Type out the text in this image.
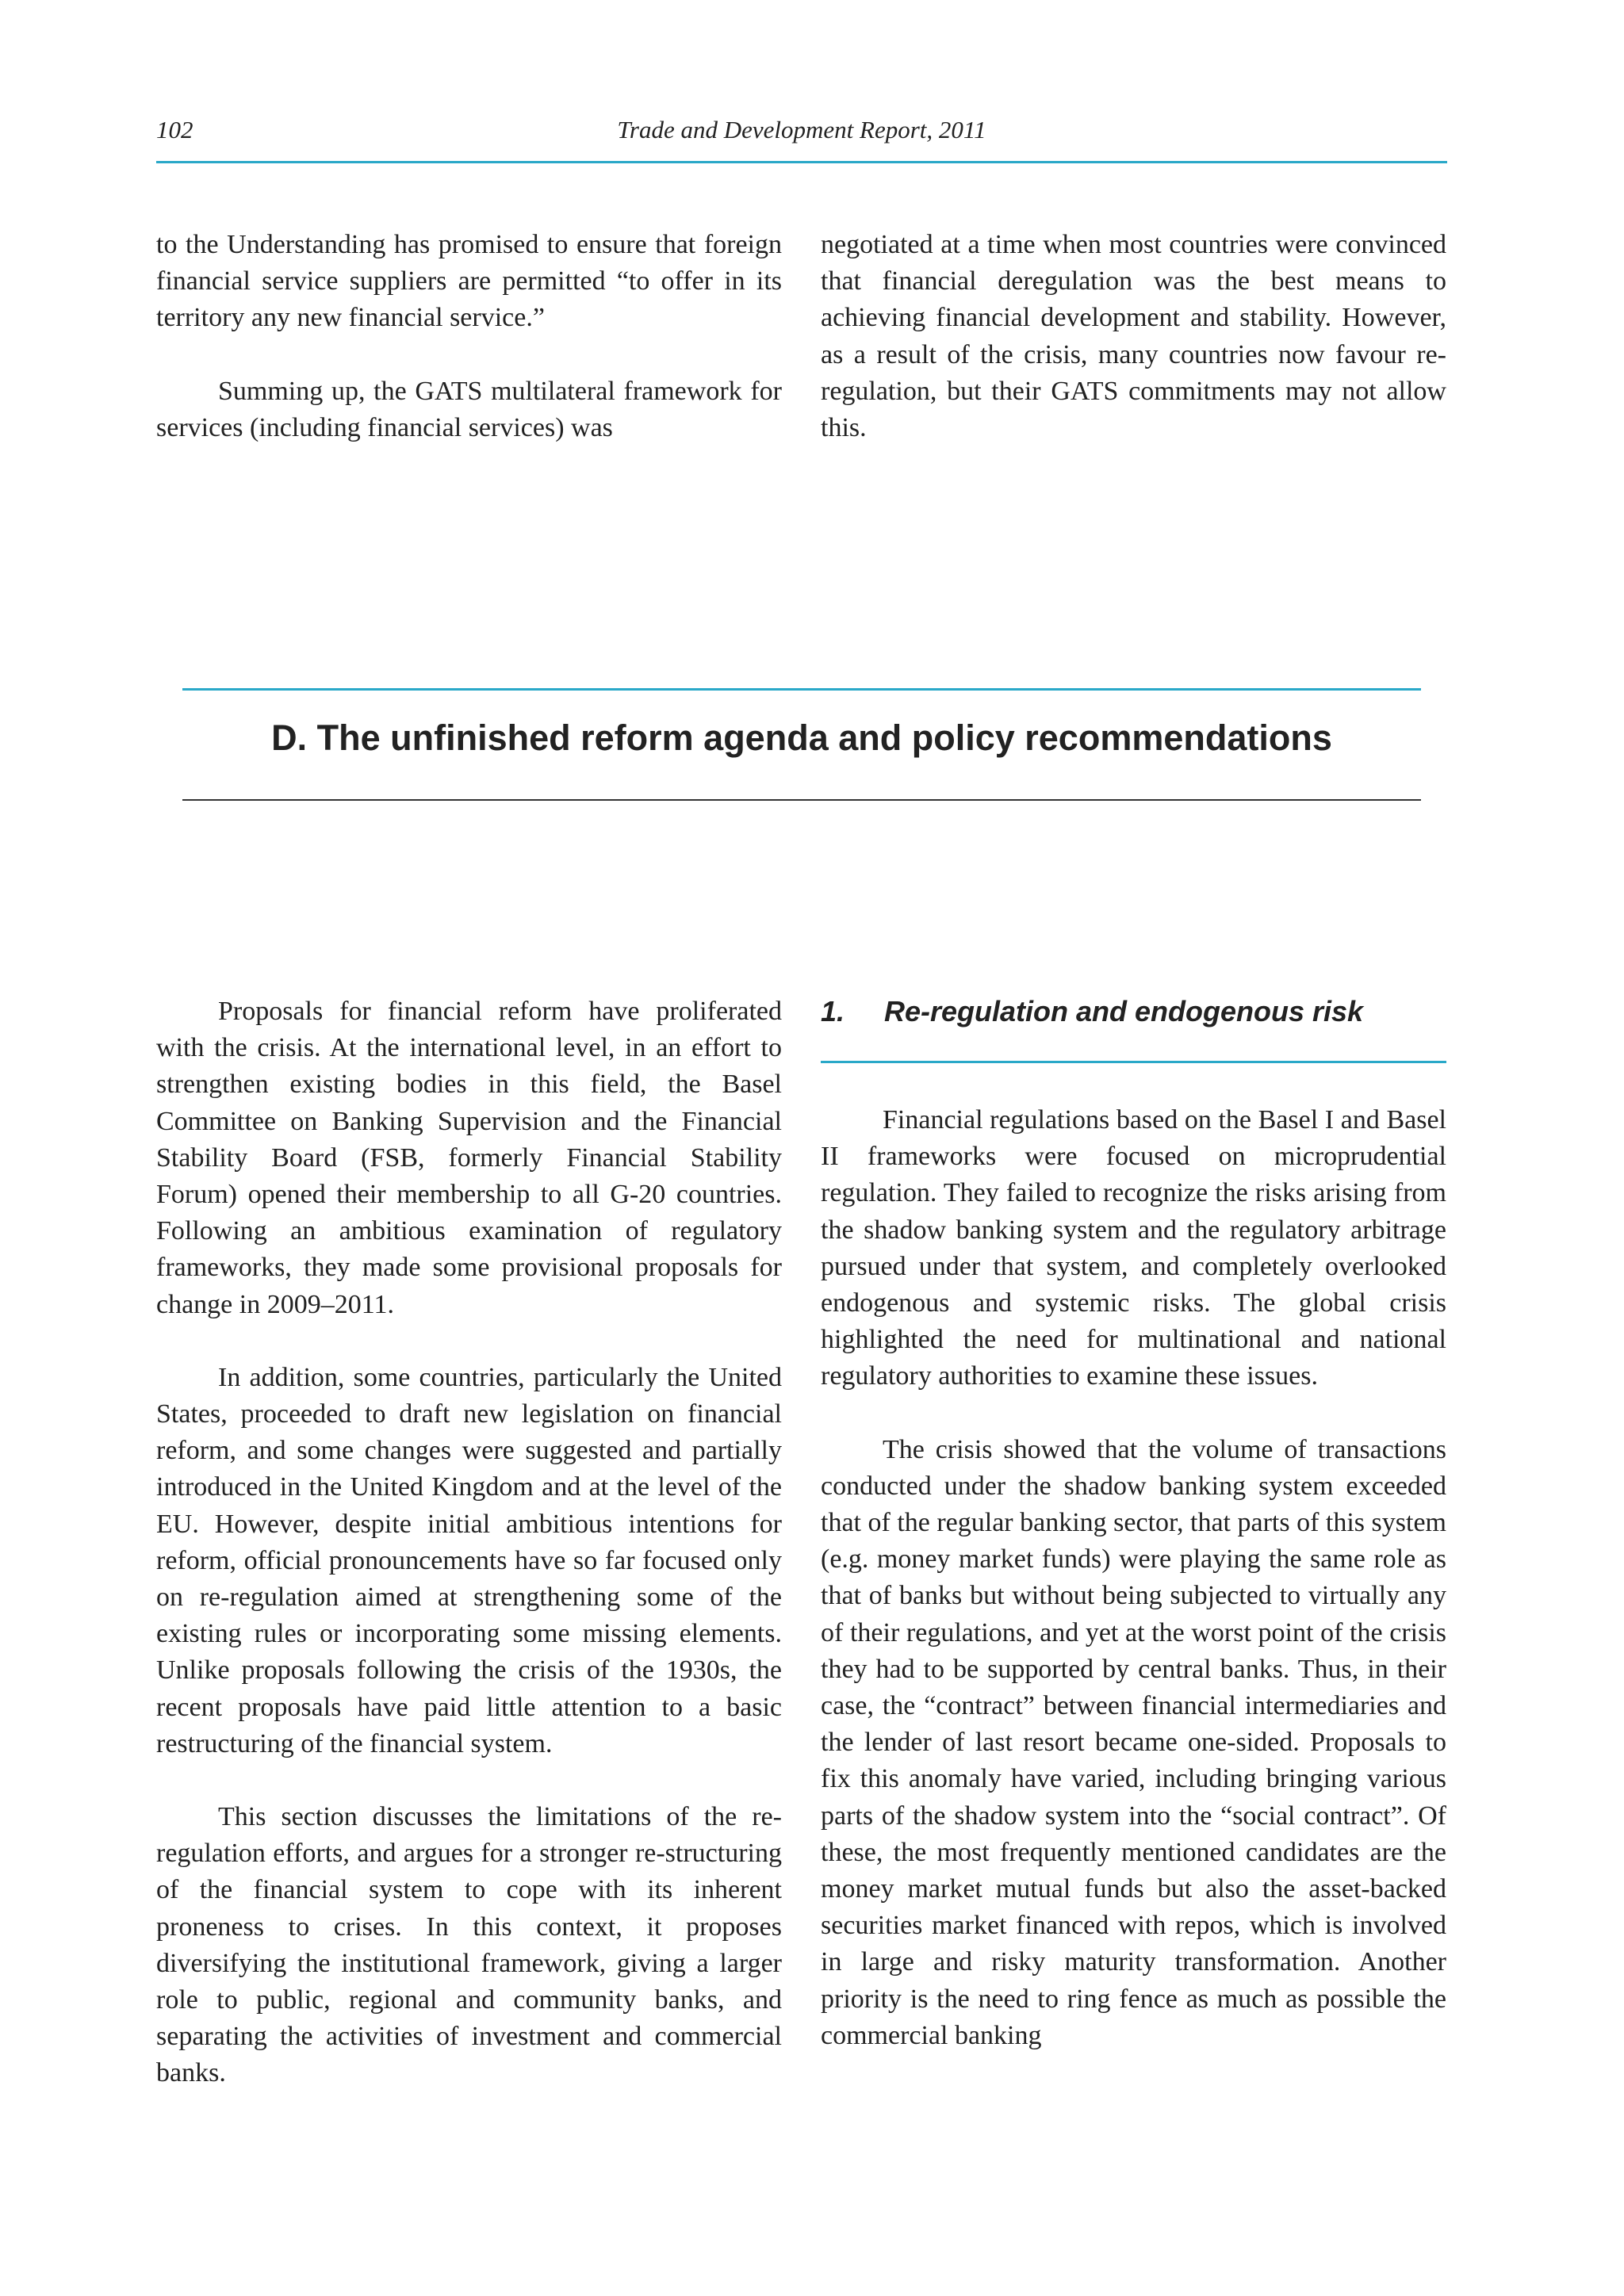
102	Trade and Development Report, 2011

to the Understanding has promised to ensure that foreign financial service suppliers are permitted “to offer in its territory any new financial service.”

Summing up, the GATS multilateral framework for services (including financial services) was

negotiated at a time when most countries were convinced that financial deregulation was the best means to achieving financial development and stability. However, as a result of the crisis, many countries now favour re-regulation, but their GATS commitments may not allow this.

D. The unfinished reform agenda and policy recommendations

Proposals for financial reform have proliferated with the crisis. At the international level, in an effort to strengthen existing bodies in this field, the Basel Committee on Banking Supervision and the Financial Stability Board (FSB, formerly Financial Stability Forum) opened their membership to all G-20 countries. Following an ambitious examination of regulatory frameworks, they made some provisional proposals for change in 2009–2011.

In addition, some countries, particularly the United States, proceeded to draft new legislation on financial reform, and some changes were suggested and partially introduced in the United Kingdom and at the level of the EU. However, despite initial ambitious intentions for reform, official pronouncements have so far focused only on re-regulation aimed at strengthening some of the existing rules or incorporating some missing elements. Unlike proposals following the crisis of the 1930s, the recent proposals have paid little attention to a basic restructuring of the financial system.

This section discusses the limitations of the re-regulation efforts, and argues for a stronger re-structuring of the financial system to cope with its inherent proneness to crises. In this context, it proposes diversifying the institutional framework, giving a larger role to public, regional and community banks, and separating the activities of investment and commercial banks.

1. Re-regulation and endogenous risk

Financial regulations based on the Basel I and Basel II frameworks were focused on microprudential regulation. They failed to recognize the risks arising from the shadow banking system and the regulatory arbitrage pursued under that system, and completely overlooked endogenous and systemic risks. The global crisis highlighted the need for multinational and national regulatory authorities to examine these issues.

The crisis showed that the volume of transactions conducted under the shadow banking system exceeded that of the regular banking sector, that parts of this system (e.g. money market funds) were playing the same role as that of banks but without being subjected to virtually any of their regulations, and yet at the worst point of the crisis they had to be supported by central banks. Thus, in their case, the “contract” between financial intermediaries and the lender of last resort became one-sided. Proposals to fix this anomaly have varied, including bringing various parts of the shadow system into the “social contract”. Of these, the most frequently mentioned candidates are the money market mutual funds but also the asset-backed securities market financed with repos, which is involved in large and risky maturity transformation. Another priority is the need to ring fence as much as possible the commercial banking
